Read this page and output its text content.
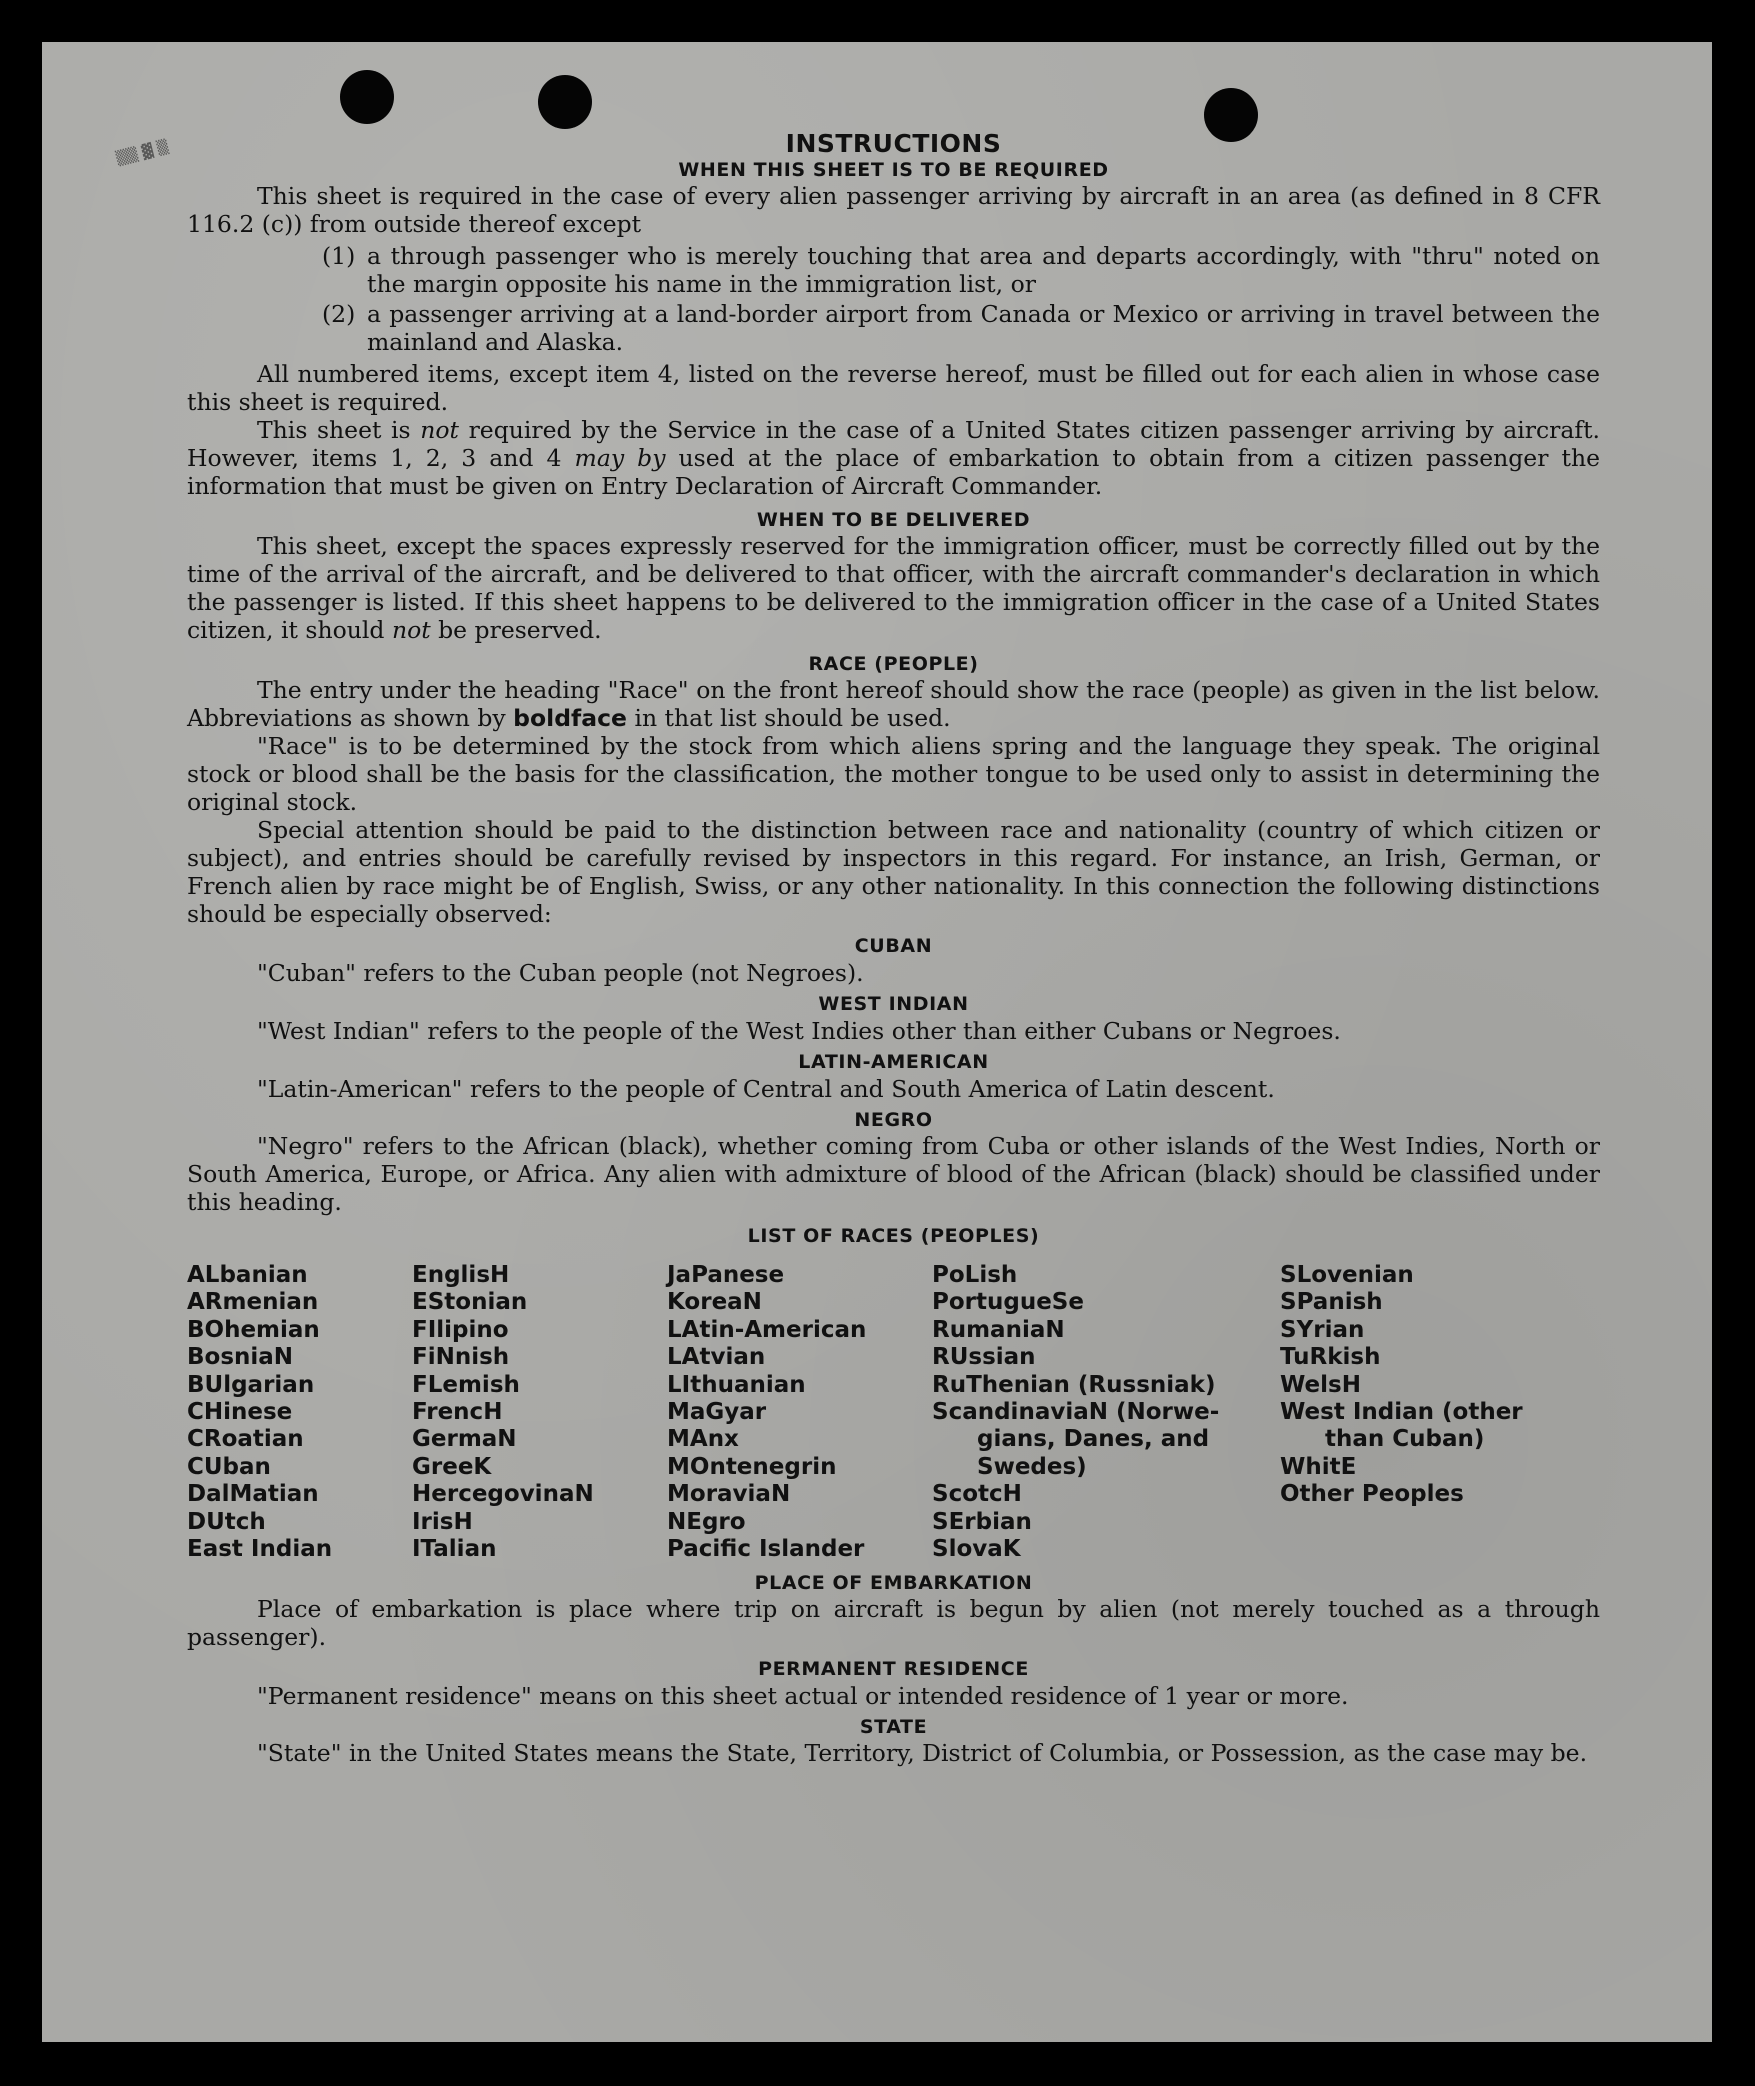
▒▒ ▓ ▒	INSTRUCTIONS
WHEN THIS SHEET IS TO BE REQUIRED

This sheet is required in the case of every alien passenger arriving by aircraft in an area (as defined in 8 CFR 116.2 (c)) from outside thereof except

(1) a through passenger who is merely touching that area and departs accordingly, with "thru" noted on the margin opposite his name in the immigration list, or
(2) a passenger arriving at a land-border airport from Canada or Mexico or arriving in travel between the mainland and Alaska.

All numbered items, except item 4, listed on the reverse hereof, must be filled out for each alien in whose case this sheet is required.

This sheet is not required by the Service in the case of a United States citizen passenger arriving by aircraft. However, items 1, 2, 3 and 4 may by used at the place of embarkation to obtain from a citizen passenger the information that must be given on Entry Declaration of Aircraft Commander.

WHEN TO BE DELIVERED

This sheet, except the spaces expressly reserved for the immigration officer, must be correctly filled out by the time of the arrival of the aircraft, and be delivered to that officer, with the aircraft commander's declaration in which the passenger is listed. If this sheet happens to be delivered to the immigration officer in the case of a United States citizen, it should not be preserved.

RACE (PEOPLE)

The entry under the heading "Race" on the front hereof should show the race (people) as given in the list below. Abbreviations as shown by boldface in that list should be used.

"Race" is to be determined by the stock from which aliens spring and the language they speak. The original stock or blood shall be the basis for the classification, the mother tongue to be used only to assist in determining the original stock.

Special attention should be paid to the distinction between race and nationality (country of which citizen or subject), and entries should be carefully revised by inspectors in this regard. For instance, an Irish, German, or French alien by race might be of English, Swiss, or any other nationality. In this connection the following distinctions should be especially observed:

CUBAN

"Cuban" refers to the Cuban people (not Negroes).

WEST INDIAN

"West Indian" refers to the people of the West Indies other than either Cubans or Negroes.

LATIN-AMERICAN

"Latin-American" refers to the people of Central and South America of Latin descent.

NEGRO

"Negro" refers to the African (black), whether coming from Cuba or other islands of the West Indies, North or South America, Europe, or Africa. Any alien with admixture of blood of the African (black) should be classified under this heading.

LIST OF RACES (PEOPLES)
ALbanian
ARmenian
BOhemian
BosniaN
BUlgarian
CHinese
CRoatian
CUban
DalMatian
DUtch
East Indian
EnglisH
EStonian
FIlipino
FiNnish
FLemish
FrencH
GermaN
GreeK
HercegovinaN
IrisH
ITalian
JaPanese
KoreaN
LAtin-American
LAtvian
LIthuanian
MaGyar
MAnx
MOntenegrin
MoraviaN
NEgro
Pacific Islander
PoLish
PortugueSe
RumaniaN
RUssian
RuThenian (Russniak)
ScandinaviaN (Norwe-
gians, Danes, and
Swedes)
ScotcH
SErbian
SlovaK
SLovenian
SPanish
SYrian
TuRkish
WelsH
West Indian (other
than Cuban)
WhitE
Other Peoples
PLACE OF EMBARKATION

Place of embarkation is place where trip on aircraft is begun by alien (not merely touched as a through passenger).

PERMANENT RESIDENCE

"Permanent residence" means on this sheet actual or intended residence of 1 year or more.

STATE

"State" in the United States means the State, Territory, District of Columbia, or Possession, as the case may be.
